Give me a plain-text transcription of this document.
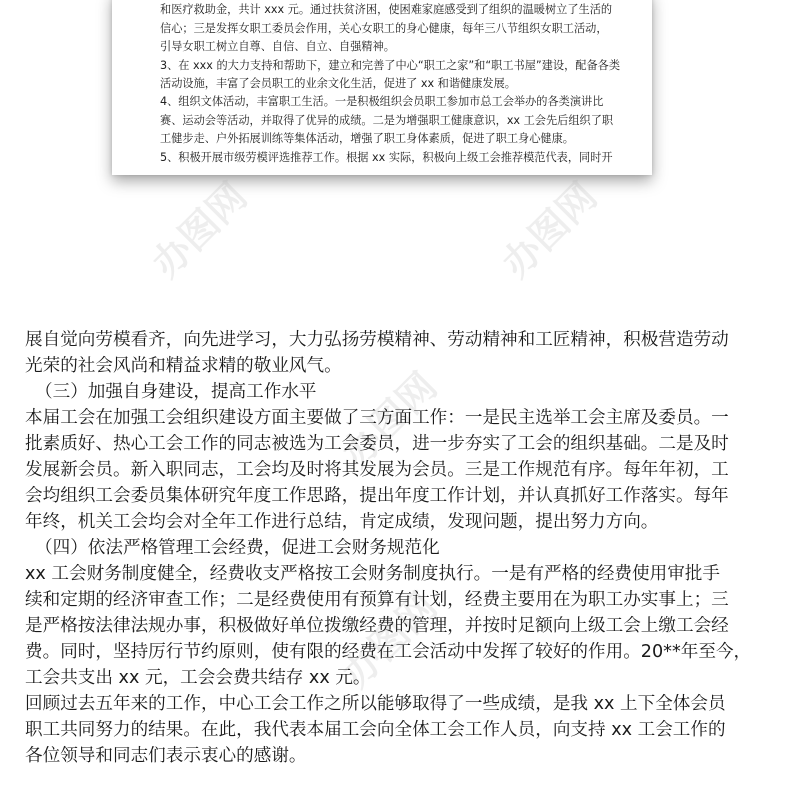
和医疗救助金，共计 xxx 元。通过扶贫济困，使困难家庭感受到了组织的温暖树立了生活的

信心；三是发挥女职工委员会作用，关心女职工的身心健康，每年三八节组织女职工活动，

引导女职工树立自尊、自信、自立、自强精神。

3、在 xxx 的大力支持和帮助下，建立和完善了中心“职工之家”和“职工书屋”建设，配备各类

活动设施，丰富了会员职工的业余文化生活，促进了 xx 和谐健康发展。

4、组织文体活动，丰富职工生活。一是积极组织会员职工参加市总工会举办的各类演讲比

赛、运动会等活动，并取得了优异的成绩。二是为增强职工健康意识，xx 工会先后组织了职

工健步走、户外拓展训练等集体活动，增强了职工身体素质，促进了职工身心健康。

5、积极开展市级劳模评选推荐工作。根据 xx 实际，积极向上级工会推荐模范代表，同时开

办图网
办图网

展自觉向劳模看齐，向先进学习，大力弘扬劳模精神、劳动精神和工匠精神，积极营造劳动

光荣的社会风尚和精益求精的敬业风气。

（三）加强自身建设，提高工作水平

本届工会在加强工会组织建设方面主要做了三方面工作：一是民主选举工会主席及委员。一

批素质好、热心工会工作的同志被选为工会委员，进一步夯实了工会的组织基础。二是及时

发展新会员。新入职同志，工会均及时将其发展为会员。三是工作规范有序。每年年初，工

会均组织工会委员集体研究年度工作思路，提出年度工作计划，并认真抓好工作落实。每年

年终，机关工会均会对全年工作进行总结，肯定成绩，发现问题，提出努力方向。

（四）依法严格管理工会经费，促进工会财务规范化

xx 工会财务制度健全，经费收支严格按工会财务制度执行。一是有严格的经费使用审批手

续和定期的经济审查工作；二是经费使用有预算有计划，经费主要用在为职工办实事上；三

是严格按法律法规办事，积极做好单位拨缴经费的管理，并按时足额向上级工会上缴工会经

费。同时，坚持厉行节约原则，使有限的经费在工会活动中发挥了较好的作用。20**年至今，

工会共支出 xx 元，工会会费共结存 xx 元。

回顾过去五年来的工作，中心工会工作之所以能够取得了一些成绩，是我 xx 上下全体会员

职工共同努力的结果。在此，我代表本届工会向全体工会工作人员，向支持 xx 工会工作的

各位领导和同志们表示衷心的感谢。
